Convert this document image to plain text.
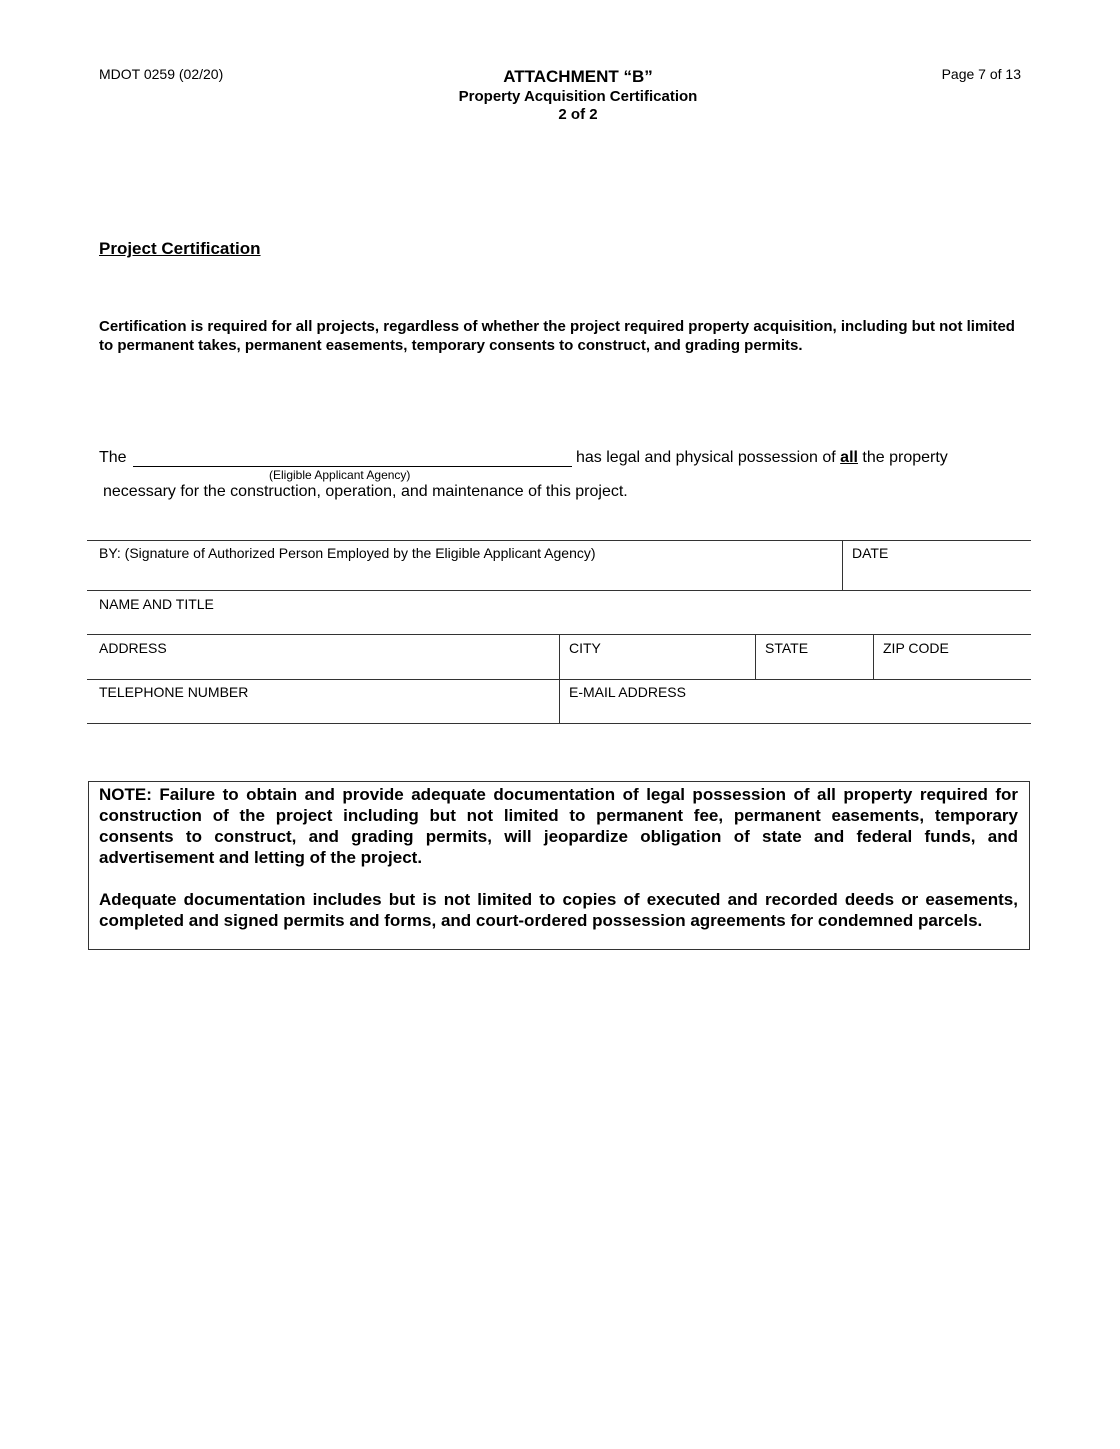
MDOT 0259 (02/20)	ATTACHMENT “B”
Property Acquisition Certification
2 of 2
Page 7 of 13
Project Certification
Certification is required for all projects, regardless of whether the project required property acquisition, including but not limited to permanent takes, permanent easements, temporary consents to construct, and grading permits.
The
(Eligible Applicant Agency)
has legal and physical possession of all the property
necessary for the construction, operation, and maintenance of this project.
BY: (Signature of Authorized Person Employed by the Eligible Applicant Agency)	DATE
NAME AND TITLE
ADDRESS	CITY	STATE	ZIP CODE
TELEPHONE NUMBER	E-MAIL ADDRESS

NOTE: Failure to obtain and provide adequate documentation of legal possession of all property required for construction of the project including but not limited to permanent fee, permanent easements, temporary consents to construct, and grading permits, will jeopardize obligation of state and federal funds, and advertisement and letting of the project.

Adequate documentation includes but is not limited to copies of executed and recorded deeds or easements, completed and signed permits and forms, and court-ordered possession agreements for condemned parcels.
